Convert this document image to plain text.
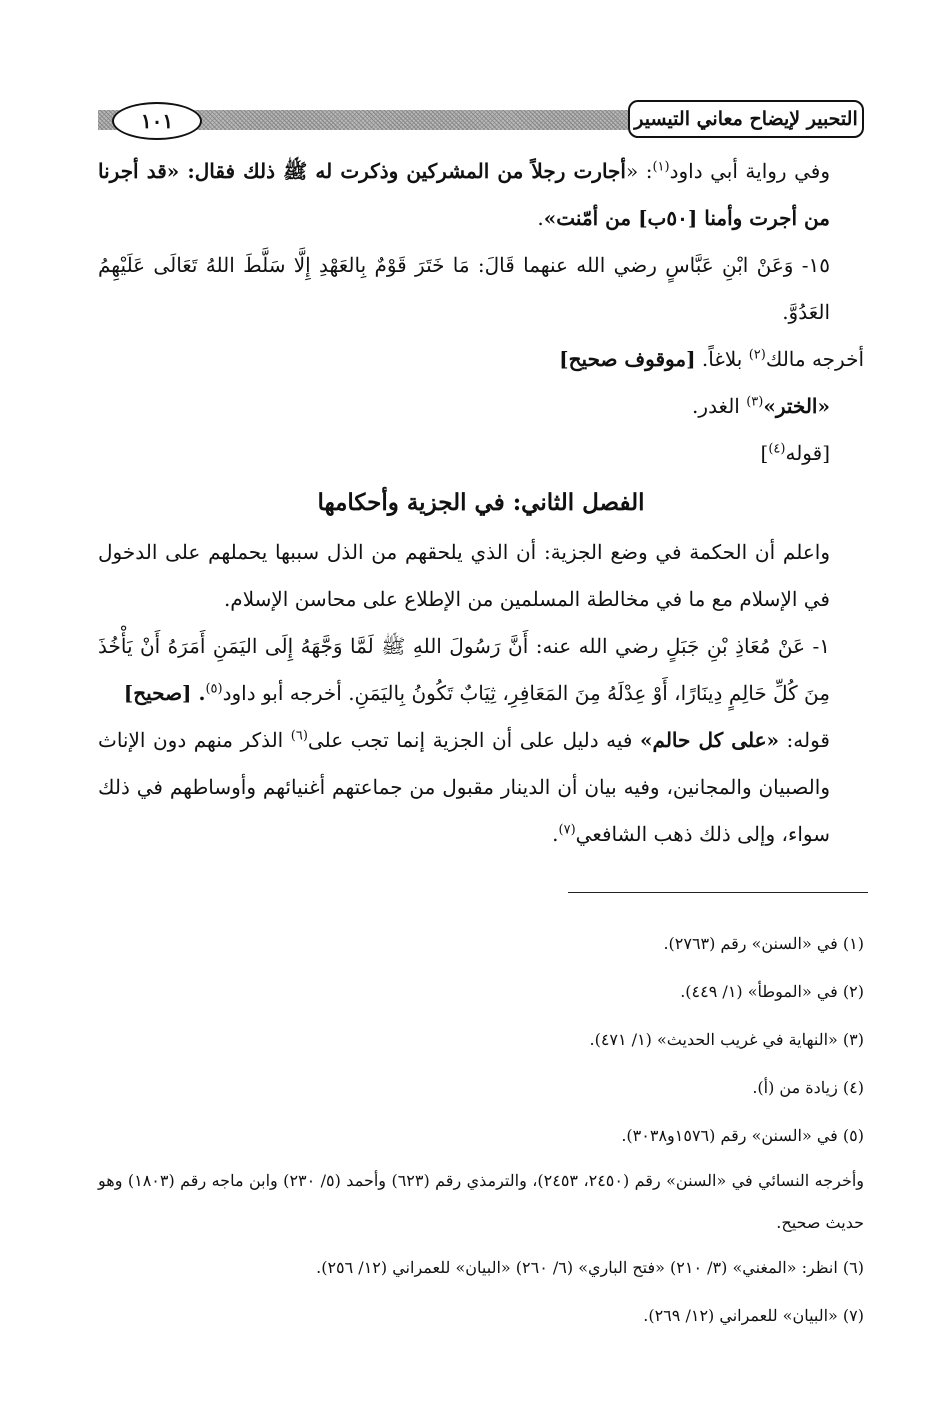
١٠١	التحبير لإيضاح معاني التيسير

وفي رواية أبي داود$^{(١)}$: «أجارت رجلاً من المشركين وذكرت له ﷺ ذلك فقال: «قد أجرنا من أجرت وأمنا [٥٠ب] من أمّنت».

١٥- وَعَنْ ابْنِ عَبَّاسٍ رضي الله عنهما قَالَ: مَا خَتَرَ قَوْمٌ بِالعَهْدِ إِلَّا سَلَّطَ اللهُ تَعَالَى عَلَيْهِمُ العَدُوَّ.

أخرجه مالك$^{(٢)}$ بلاغاً. [موقوف صحيح]

«الختر»$^{(٣)}$ الغدر.

[قوله$^{(٤)}$]

الفصل الثاني: في الجزية وأحكامها

واعلم أن الحكمة في وضع الجزية: أن الذي يلحقهم من الذل سببها يحملهم على الدخول في الإسلام مع ما في مخالطة المسلمين من الإطلاع على محاسن الإسلام.

١- عَنْ مُعَاذِ بْنِ جَبَلٍ رضي الله عنه: أَنَّ رَسُولَ اللهِ ﷺ لَمَّا وَجَّهَهُ إِلَى اليَمَنِ أَمَرَهُ أَنْ يَأْخُذَ مِنَ كُلِّ حَالِمٍ دِينَارًا، أَوْ عِدْلَهُ مِنَ المَعَافِرِ، ثِيَابٌ تَكُونُ بِاليَمَنِ. أخرجه أبو داود$^{(٥)}$. [صحيح]

قوله: «على كل حالم» فيه دليل على أن الجزية إنما تجب على$^{(٦)}$ الذكر منهم دون الإناث والصبيان والمجانين، وفيه بيان أن الدينار مقبول من جماعتهم أغنيائهم وأوساطهم في ذلك سواء، وإلى ذلك ذهب الشافعي$^{(٧)}$.

(١) في «السنن» رقم (٢٧٦٣).

(٢) في «الموطأ» (١/ ٤٤٩).

(٣) «النهاية في غريب الحديث» (١/ ٤٧١).

(٤) زيادة من (أ).

(٥) في «السنن» رقم (١٥٧٦و٣٠٣٨).

وأخرجه النسائي في «السنن» رقم (٢٤٥٠، ٢٤٥٣)، والترمذي رقم (٦٢٣) وأحمد (٥/ ٢٣٠) وابن ماجه رقم (١٨٠٣) وهو حديث صحيح.

(٦) انظر: «المغني» (٣/ ٢١٠) «فتح الباري» (٦/ ٢٦٠) «البيان» للعمراني (١٢/ ٢٥٦).

(٧) «البيان» للعمراني (١٢/ ٢٦٩).
